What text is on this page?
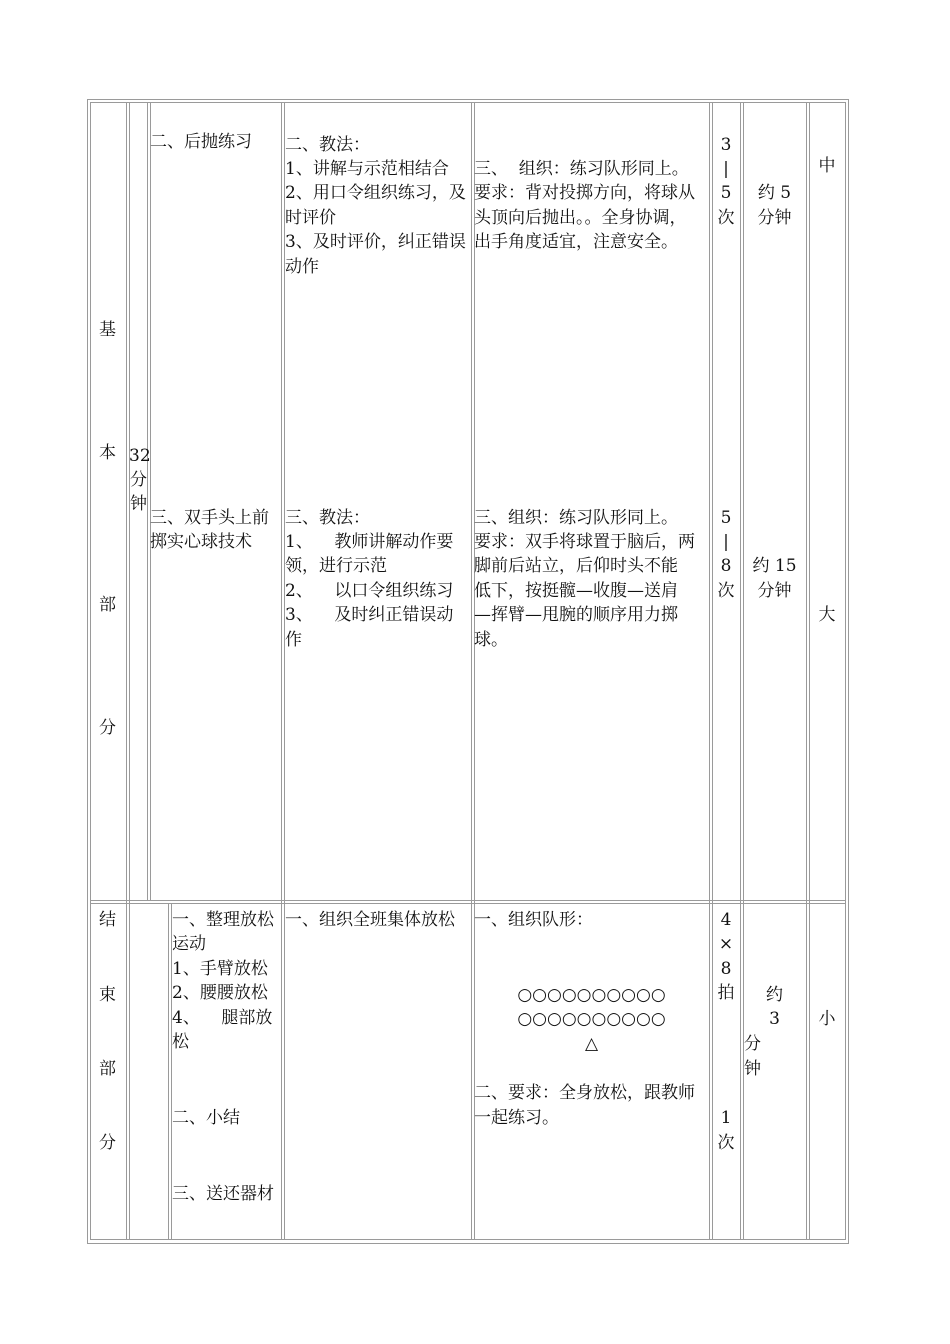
基
本
部
分
32
分
钟
二、后抛练习 二、教法：
1、讲解与示范相结合
2、用口令组织练习，及
时评价
3、及时评价，纠正错误
动作
三、  组织：练习队形同上。
要求：背对投掷方向，将球从
头顶向后抛出。。全身协调，
出手角度适宜，注意安全。
3
|
5
次
约 5
分钟
中
三、双手头上前
掷实心球技术
三、教法：
1、    教师讲解动作要
领，进行示范
2、    以口令组织练习
3、    及时纠正错误动
作
三、组织：练习队形同上。
要求：双手将球置于脑后，两
脚前后站立，后仰时头不能
低下，按挺髋—收腹—送肩
—挥臂—甩腕的顺序用力掷
球。
5
|
8
次
约 15
分钟
大
结
束
部
分
一、整理放松
运动
1、手臂放松
2、腰腰放松
4、    腿部放
松
二、小结
三、送还器材
一、组织全班集体放松 一、组织队形：
○○○○○○○○○○
○○○○○○○○○○
△
二、要求：全身放松，跟教师
一起练习。
4
×
8
拍
1
次
约
3
分
钟
小
